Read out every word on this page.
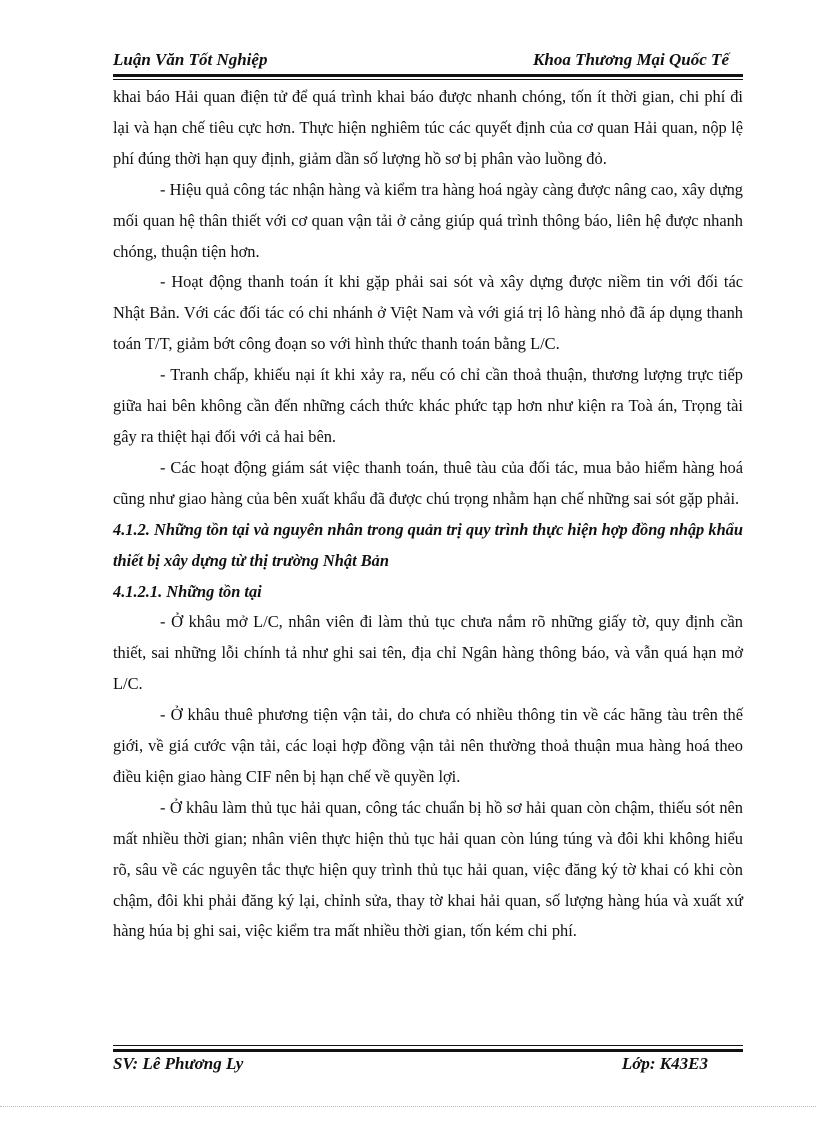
Luận Văn Tốt Nghiệp	Khoa Thương Mại Quốc Tế

khai báo Hải quan điện tử để quá trình khai báo được nhanh chóng, tốn ít thời gian, chi phí đi lại và hạn chế tiêu cực hơn. Thực hiện nghiêm túc các quyết định của cơ quan Hải quan, nộp lệ phí đúng thời hạn quy định, giảm dần số lượng hồ sơ bị phân vào luồng đỏ.

- Hiệu quả công tác nhận hàng và kiểm tra hàng hoá ngày càng được nâng cao, xây dựng mối quan hệ thân thiết với cơ quan vận tải ở cảng giúp quá trình thông báo, liên hệ được nhanh chóng, thuận tiện hơn.

- Hoạt động thanh toán ít khi gặp phải sai sót và xây dựng được niềm tin với đối tác Nhật Bản. Với các đối tác có chi nhánh ở Việt Nam và với giá trị lô hàng nhỏ đã áp dụng thanh toán T/T, giảm bớt công đoạn so với hình thức thanh toán bằng L/C.

- Tranh chấp, khiếu nại ít khi xảy ra, nếu có chỉ cần thoả thuận, thương lượng trực tiếp giữa hai bên không cần đến những cách thức khác phức tạp hơn như kiện ra Toà án, Trọng tài gây ra thiệt hại đối với cả hai bên.

- Các hoạt động giám sát việc thanh toán, thuê tàu của đối tác, mua bảo hiểm hàng hoá cũng như giao hàng của bên xuất khẩu đã được chú trọng nhằm hạn chế những sai sót gặp phải.

4.1.2. Những tồn tại và nguyên nhân trong quản trị quy trình thực hiện hợp đồng nhập khẩu thiết bị xây dựng từ thị trường Nhật Bản
4.1.2.1. Những tồn tại

- Ở khâu mở L/C, nhân viên đi làm thủ tục chưa nắm rõ những giấy tờ, quy định cần thiết, sai những lỗi chính tả như ghi sai tên, địa chỉ Ngân hàng thông báo, và vẫn quá hạn mở L/C.

- Ở khâu thuê phương tiện vận tải, do chưa có nhiều thông tin về các hãng tàu trên thế giới, về giá cước vận tải, các loại hợp đồng vận tải nên thường thoả thuận mua hàng hoá theo điều kiện giao hàng CIF nên bị hạn chế về quyền lợi.

- Ở khâu làm thủ tục hải quan, công tác chuẩn bị hồ sơ hải quan còn chậm, thiếu sót nên mất nhiều thời gian; nhân viên thực hiện thủ tục hải quan còn lúng túng và đôi khi không hiểu rõ, sâu về các nguyên tắc thực hiện quy trình thủ tục hải quan, việc đăng ký tờ khai có khi còn chậm, đôi khi phải đăng ký lại, chỉnh sửa, thay tờ khai hải quan, số lượng hàng húa và xuất xứ hàng húa bị ghi sai, việc kiểm tra mất nhiều thời gian, tốn kém chi phí.

SV: Lê Phương Ly	Lớp: K43E3
